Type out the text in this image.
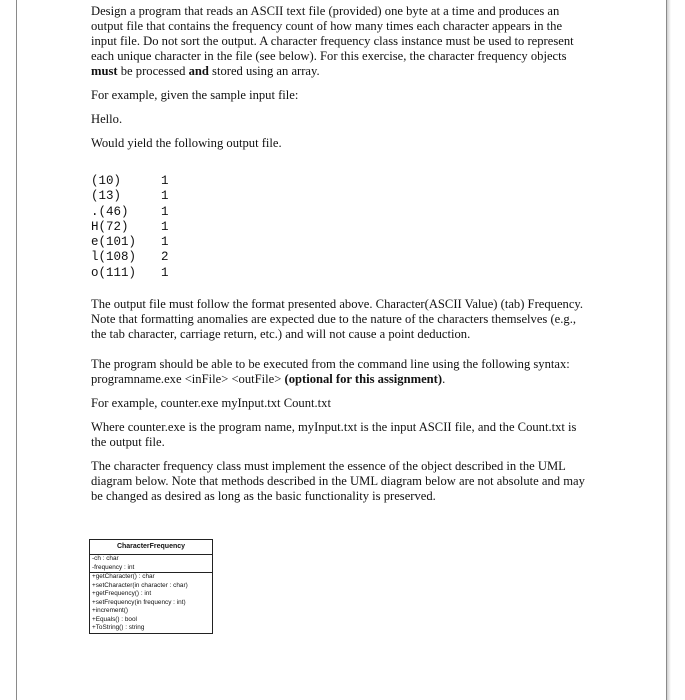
Design a program that reads an ASCII text file (provided) one byte at a time and produces an output file that contains the frequency count of how many times each character appears in the input file. Do not sort the output. A character frequency class instance must be used to represent each unique character in the file (see below). For this exercise, the character frequency objects must be processed and stored using an array.

For example, given the sample input file:

Hello.

Would yield the following output file.

(10)	1
(13)	1
.(46)	1
H(72)	1
e(101)	1
l(108)	2
o(111)	1

The output file must follow the format presented above. Character(ASCII Value) (tab) Frequency. Note that formatting anomalies are expected due to the nature of the characters themselves (e.g., the tab character, carriage return, etc.) and will not cause a point deduction.

The program should be able to be executed from the command line using the following syntax: programname.exe <inFile> <outFile> (optional for this assignment).

For example, counter.exe myInput.txt Count.txt

Where counter.exe is the program name, myInput.txt is the input ASCII file, and the Count.txt is the output file.

The character frequency class must implement the essence of the object described in the UML diagram below. Note that methods described in the UML diagram below are not absolute and may be changed as desired as long as the basic functionality is preserved.

CharacterFrequency
-ch : char
-frequency : int
+getCharacter() : char
+setCharacter(in character : char)
+getFrequency() : int
+setFrequency(in frequency : int)
+increment()
+Equals() : bool
+ToString() : string
